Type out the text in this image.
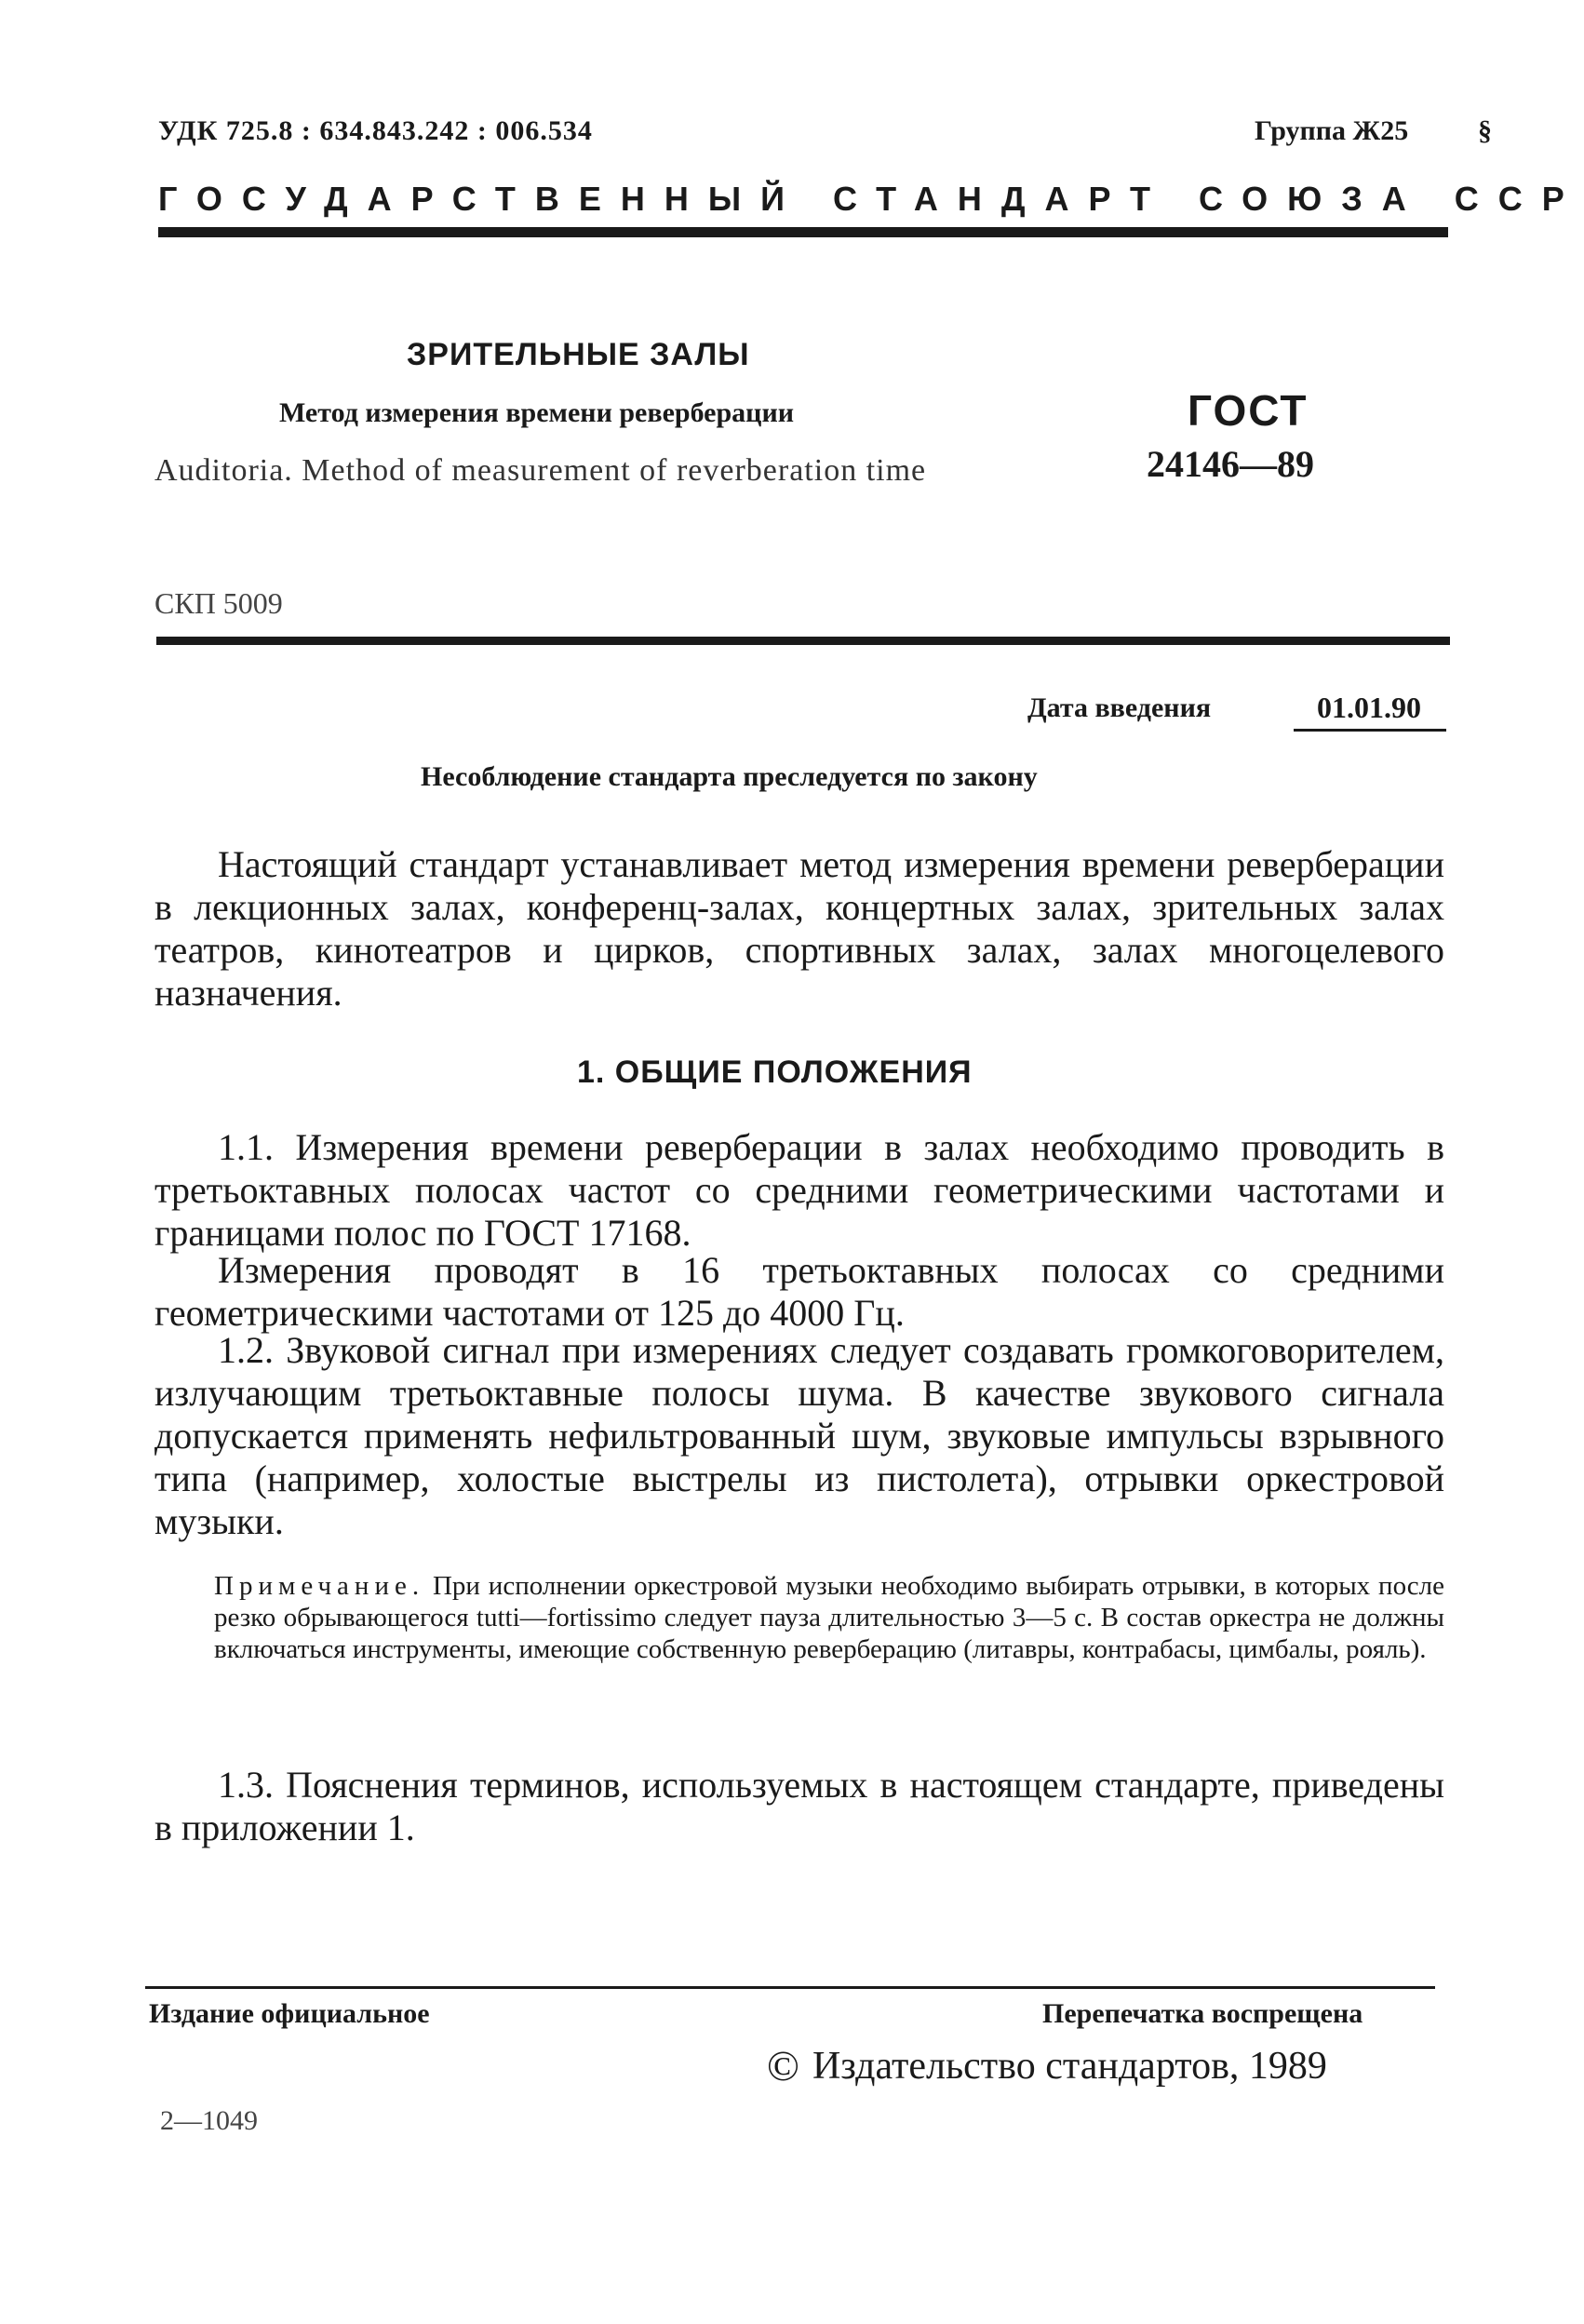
УДК 725.8 : 634.843.242 : 006.534	Группа Ж25 §
ГОСУДАРСТВЕННЫЙ СТАНДАРТ СОЮЗА ССР
ЗРИТЕЛЬНЫЕ ЗАЛЫ
Метод измерения времени реверберации
Auditoria. Method of measurement of reverberation time
ГОСТ
24146—89
СКП 5009
Дата введения	01.01.90
Несоблюдение стандарта преследуется по закону

Настоящий стандарт устанавливает метод измерения времени реверберации в лекционных залах, конференц-залах, концертных залах, зрительных залах театров, кинотеатров и цирков, спортивных залах, залах многоцелевого назначения.

1. ОБЩИЕ ПОЛОЖЕНИЯ

1.1. Измерения времени реверберации в залах необходимо проводить в третьоктавных полосах частот со средними геометрическими частотами и границами полос по ГОСТ 17168.

Измерения проводят в 16 третьоктавных полосах со средними геометрическими частотами от 125 до 4000 Гц.

1.2. Звуковой сигнал при измерениях следует создавать громкоговорителем, излучающим третьоктавные полосы шума. В качестве звукового сигнала допускается применять нефильтрованный шум, звуковые импульсы взрывного типа (например, холостые выстрелы из пистолета), отрывки оркестровой музыки.

Примечание. При исполнении оркестровой музыки необходимо выбирать отрывки, в которых после резко обрывающегося tutti—fortissimo следует пауза длительностью 3—5 с. В состав оркестра не должны включаться инструменты, имеющие собственную реверберацию (литавры, контрабасы, цимбалы, рояль).

1.3. Пояснения терминов, используемых в настоящем стандарте, приведены в приложении 1.

Издание официальное	Перепечатка воспрещена
© Издательство стандартов, 1989
2—1049
